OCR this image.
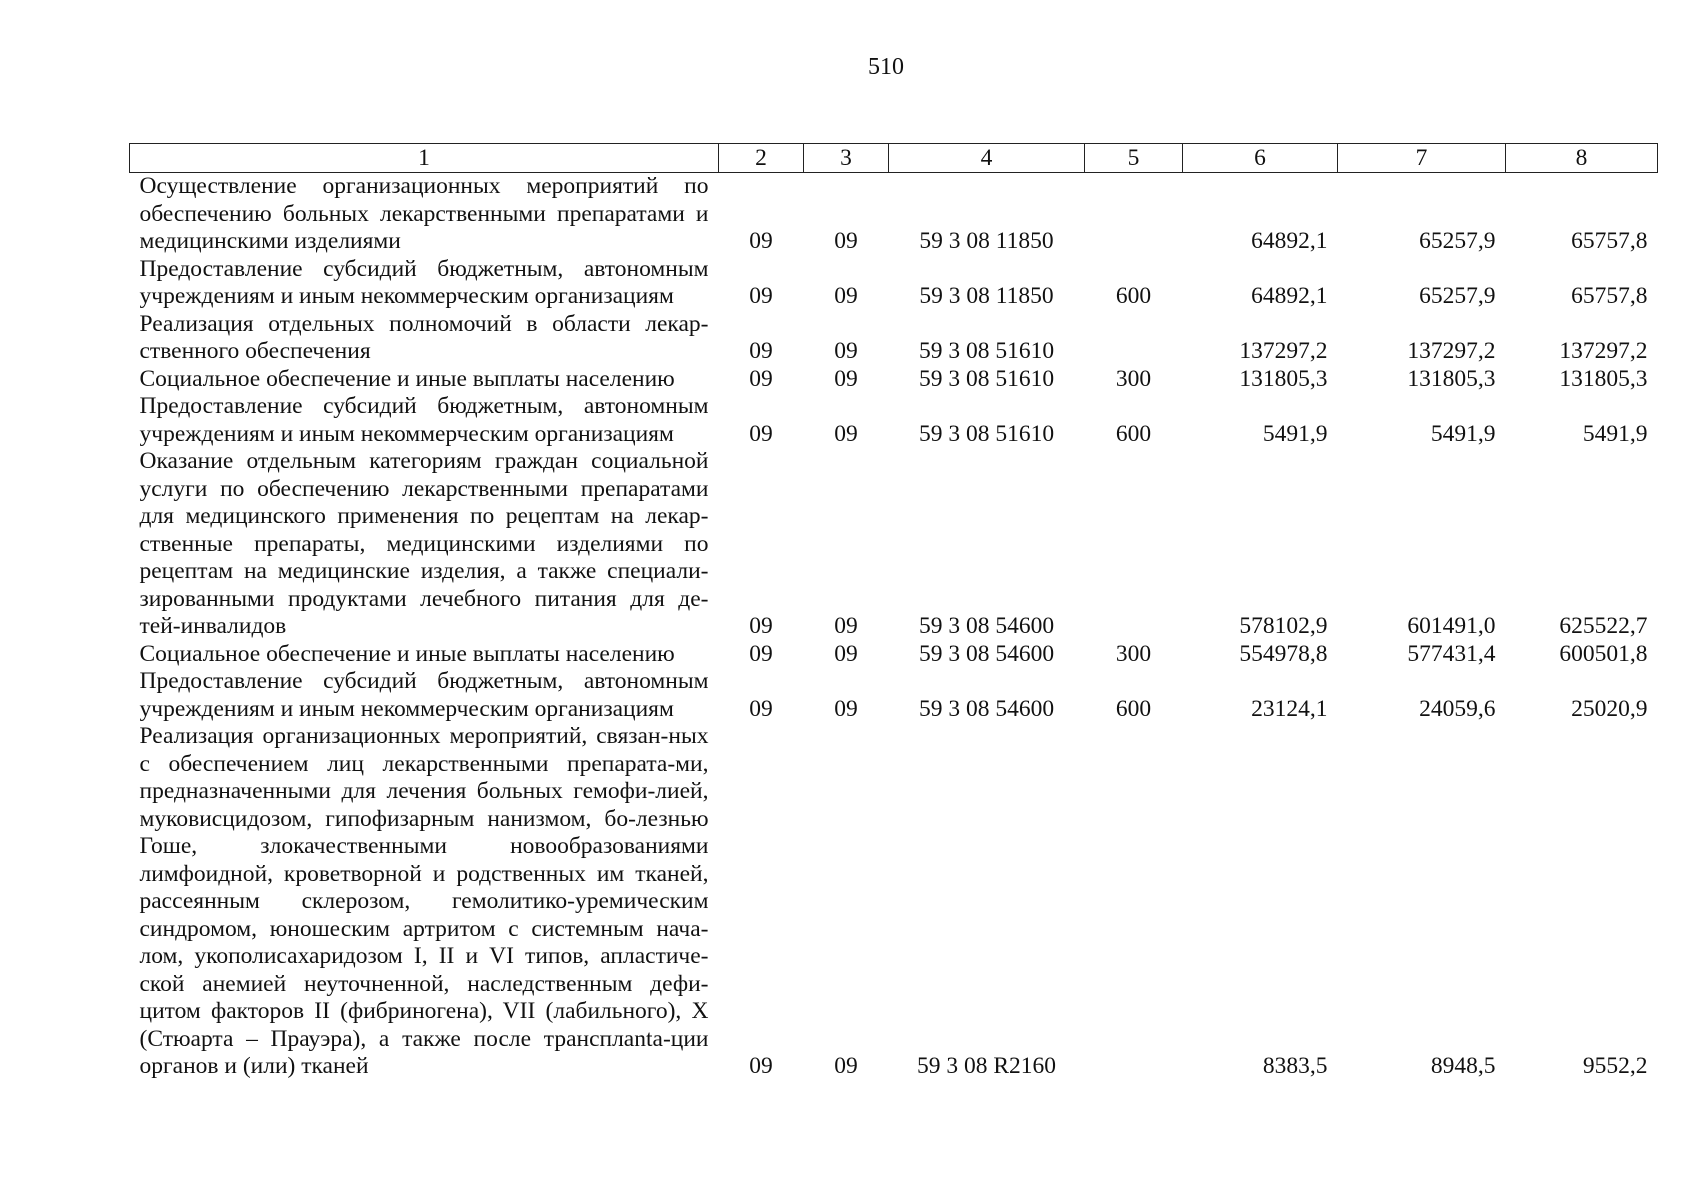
510
1	2	3	4	5	6	7	8
Осуществление организационных мероприятий по обеспечению больных лекарственными препаратами и медицинскими изделиями	09	09	59 3 08 11850		64892,1	65257,9	65757,8
Предоставление субсидий бюджетным, автономным учреждениям и иным некоммерческим организациям	09	09	59 3 08 11850	600	64892,1	65257,9	65757,8
Реализация отдельных полномочий в области лекар-ственного обеспечения	09	09	59 3 08 51610		137297,2	137297,2	137297,2
Социальное обеспечение и иные выплаты населению	09	09	59 3 08 51610	300	131805,3	131805,3	131805,3
Предоставление субсидий бюджетным, автономным учреждениям и иным некоммерческим организациям	09	09	59 3 08 51610	600	5491,9	5491,9	5491,9
Оказание отдельным категориям граждан социальной услуги по обеспечению лекарственными препаратами для медицинского применения по рецептам на лекар-ственные препараты, медицинскими изделиями по рецептам на медицинские изделия, а также специали-зированными продуктами лечебного питания для де-тей-инвалидов	09	09	59 3 08 54600		578102,9	601491,0	625522,7
Социальное обеспечение и иные выплаты населению	09	09	59 3 08 54600	300	554978,8	577431,4	600501,8
Предоставление субсидий бюджетным, автономным учреждениям и иным некоммерческим организациям	09	09	59 3 08 54600	600	23124,1	24059,6	25020,9
Реализация организационных мероприятий, связан-ных с обеспечением лиц лекарственными препарата-ми, предназначенными для лечения больных гемофи-лией, муковисцидозом, гипофизарным нанизмом, бо-лезнью Гоше, злокачественными новообразованиями лимфоидной, кроветворной и родственных им тканей, рассеянным склерозом, гемолитико-уремическим синдромом, юношеским артритом с системным нача-лом, укополисахаридозом I, II и VI типов, апластиче-ской анемией неуточненной, наследственным дефи-цитом факторов II (фибриногена), VII (лабильного), X (Стюарта – Прауэра), а также после трансплanta-ции органов и (или) тканей	09	09	59 3 08 R2160		8383,5	8948,5	9552,2
